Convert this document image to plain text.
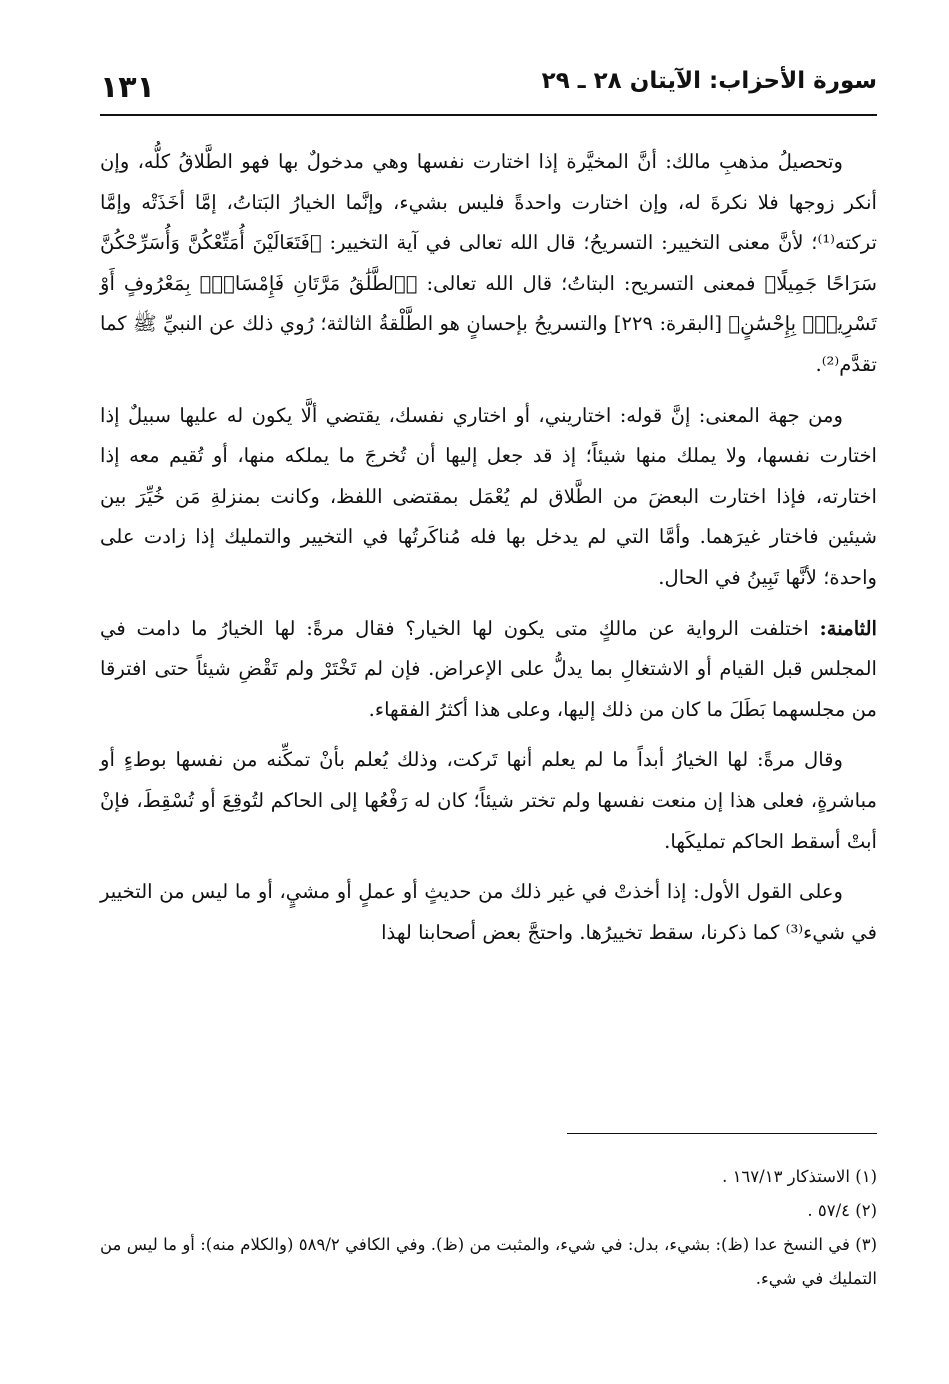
سورة الأحزاب: الآيتان ٢٨ ـ ٢٩
١٣١

وتحصيلُ مذهبِ مالك: أنَّ المخيَّرة إذا اختارت نفسها وهي مدخولٌ بها فهو الطَّلاقُ كلُّه، وإن أنكر زوجها فلا نكرةَ له، وإن اختارت واحدةً فليس بشيء، وإنَّما الخيارُ البَتاتُ، إمَّا أخَذَتْه وإمَّا تركته⁽¹⁾؛ لأنَّ معنى التخيير: التسريحُ؛ قال الله تعالى في آية التخيير: ﴿فَتَعَالَيْنَ أُمَتِّعْكُنَّ وَأُسَرِّحْكُنَّ سَرَاحًا جَمِيلًا﴾ فمعنى التسريح: البتاتُ؛ قال الله تعالى: ﴿ٱلطَّلَٰقُ مَرَّتَانِ فَإِمْسَاكٌۢ بِمَعْرُوفٍ أَوْ تَسْرِيحٌۢ بِإِحْسَٰنٍ﴾ [البقرة: ٢٢٩] والتسريحُ بإحسانٍ هو الطَّلْقةُ الثالثة؛ رُوي ذلك عن النبيِّ ﷺ كما تقدَّم⁽²⁾.

ومن جهة المعنى: إنَّ قوله: اختاريني، أو اختاري نفسك، يقتضي ألَّا يكون له عليها سبيلٌ إذا اختارت نفسها، ولا يملك منها شيئاً؛ إذ قد جعل إليها أن تُخرجَ ما يملكه منها، أو تُقيم معه إذا اختارته، فإذا اختارت البعضَ من الطَّلاق لم يُعْمَل بمقتضى اللفظ، وكانت بمنزلةِ مَن خُيِّرَ بين شيئين فاختار غيرَهما. وأمَّا التي لم يدخل بها فله مُناكَرتُها في التخيير والتمليك إذا زادت على واحدة؛ لأنَّها تَبِينُ في الحال.

الثامنة: اختلفت الرواية عن مالكٍ متى يكون لها الخيار؟ فقال مرةً: لها الخيارُ ما دامت في المجلس قبل القيام أو الاشتغالِ بما يدلُّ على الإعراض. فإن لم تَخْتَرْ ولم تَقْضِ شيئاً حتى افترقا من مجلسهما بَطَلَ ما كان من ذلك إليها، وعلى هذا أكثرُ الفقهاء.

وقال مرةً: لها الخيارُ أبداً ما لم يعلم أنها تَركت، وذلك يُعلم بأنْ تمكِّنه من نفسها بوطءٍ أو مباشرةٍ، فعلى هذا إن منعت نفسها ولم تختر شيئاً؛ كان له رَفْعُها إلى الحاكم لتُوقِعَ أو تُسْقِطَ، فإنْ أبتْ أسقط الحاكم تمليكَها.

وعلى القول الأول: إذا أخذتْ في غير ذلك من حديثٍ أو عملٍ أو مشيٍ، أو ما ليس من التخيير في شيء⁽³⁾ كما ذكرنا، سقط تخييرُها. واحتجَّ بعض أصحابنا لهذا

(١) الاستذكار ١٦٧/١٣ .

(٢) ٥٧/٤ .

(٣) في النسخ عدا (ظ): بشيء، بدل: في شيء، والمثبت من (ظ). وفي الكافي ٥٨٩/٢ (والكلام منه): أو ما ليس من التمليك في شيء.
